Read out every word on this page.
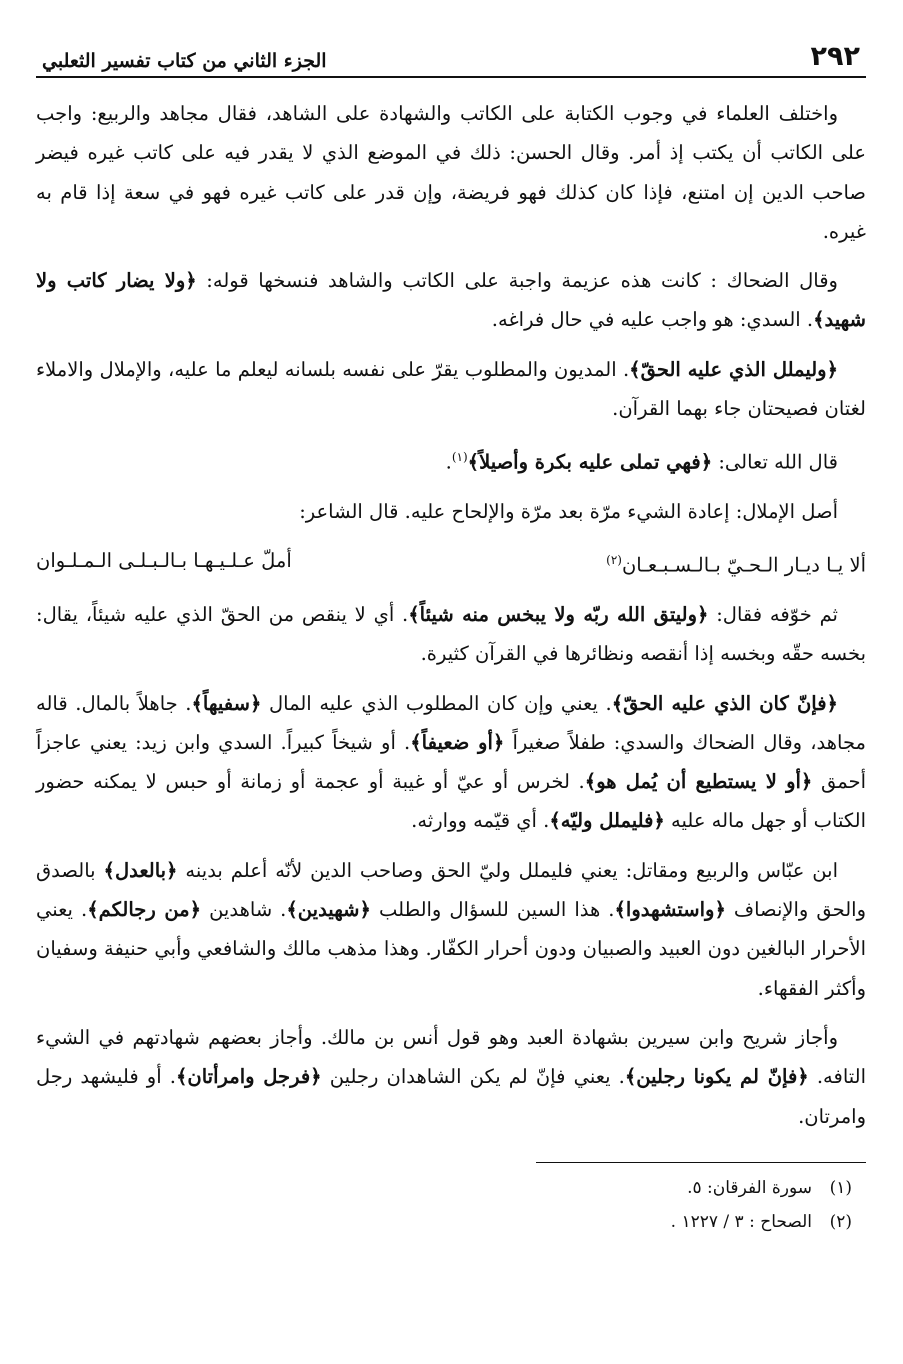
٢٩٢
الجزء الثاني من كتاب تفسير الثعلبي

واختلف العلماء في وجوب الكتابة على الكاتب والشهادة على الشاهد، فقال مجاهد والربيع: واجب على الكاتب أن يكتب إذ أمر. وقال الحسن: ذلك في الموضع الذي لا يقدر فيه على كاتب غيره فيضر صاحب الدين إن امتنع، فإذا كان كذلك فهو فريضة، وإن قدر على كاتب غيره فهو في سعة إذا قام به غيره.

وقال الضحاك : كانت هذه عزيمة واجبة على الكاتب والشاهد فنسخها قوله: ﴿ولا يضار كاتب ولا شهيد﴾. السدي: هو واجب عليه في حال فراغه.

﴿وليملل الذي عليه الحقّ﴾. المديون والمطلوب يقرّ على نفسه بلسانه ليعلم ما عليه، والإملال والاملاء لغتان فصيحتان جاء بهما القرآن.

قال الله تعالى: ﴿فهي تملى عليه بكرة وأصيلاً﴾$^{(١)}$.

أصل الإملال: إعادة الشيء مرّة بعد مرّة والإلحاح عليه. قال الشاعر:

ألا يـا ديـار الـحـيّ بـالـسـبـعـان$^{(٢)}$
أملّ عـلـيـهـا بـالـبـلـى الـمـلـوان

ثم خوّفه فقال: ﴿وليتق الله ربّه ولا يبخس منه شيئاً﴾. أي لا ينقص من الحقّ الذي عليه شيئاً، يقال: بخسه حقّه وبخسه إذا أنقصه ونظائرها في القرآن كثيرة.

﴿فإنّ كان الذي عليه الحقّ﴾. يعني وإن كان المطلوب الذي عليه المال ﴿سفيهاً﴾. جاهلاً بالمال. قاله مجاهد، وقال الضحاك والسدي: طفلاً صغيراً ﴿أو ضعيفاً﴾. أو شيخاً كبيراً. السدي وابن زيد: يعني عاجزاً أحمق ﴿أو لا يستطيع أن يُمل هو﴾. لخرس أو عيّ أو غيبة أو عجمة أو زمانة أو حبس لا يمكنه حضور الكتاب أو جهل ماله عليه ﴿فليملل وليّه﴾. أي قيّمه ووارثه.

ابن عبّاس والربيع ومقاتل: يعني فليملل وليّ الحق وصاحب الدين لأنّه أعلم بدينه ﴿بالعدل﴾ بالصدق والحق والإنصاف ﴿واستشهدوا﴾. هذا السين للسؤال والطلب ﴿شهيدين﴾. شاهدين ﴿من رجالكم﴾. يعني الأحرار البالغين دون العبيد والصبيان ودون أحرار الكفّار. وهذا مذهب مالك والشافعي وأبي حنيفة وسفيان وأكثر الفقهاء.

وأجاز شريح وابن سيرين بشهادة العبد وهو قول أنس بن مالك. وأجاز بعضهم شهادتهم في الشيء التافه. ﴿فإنّ لم يكونا رجلين﴾. يعني فإنّ لم يكن الشاهدان رجلين ﴿فرجل وامرأتان﴾. أو فليشهد رجل وامرتان.

(١)سورة الفرقان: ٥.
(٢)الصحاح : ٣ / ١٢٢٧ .
